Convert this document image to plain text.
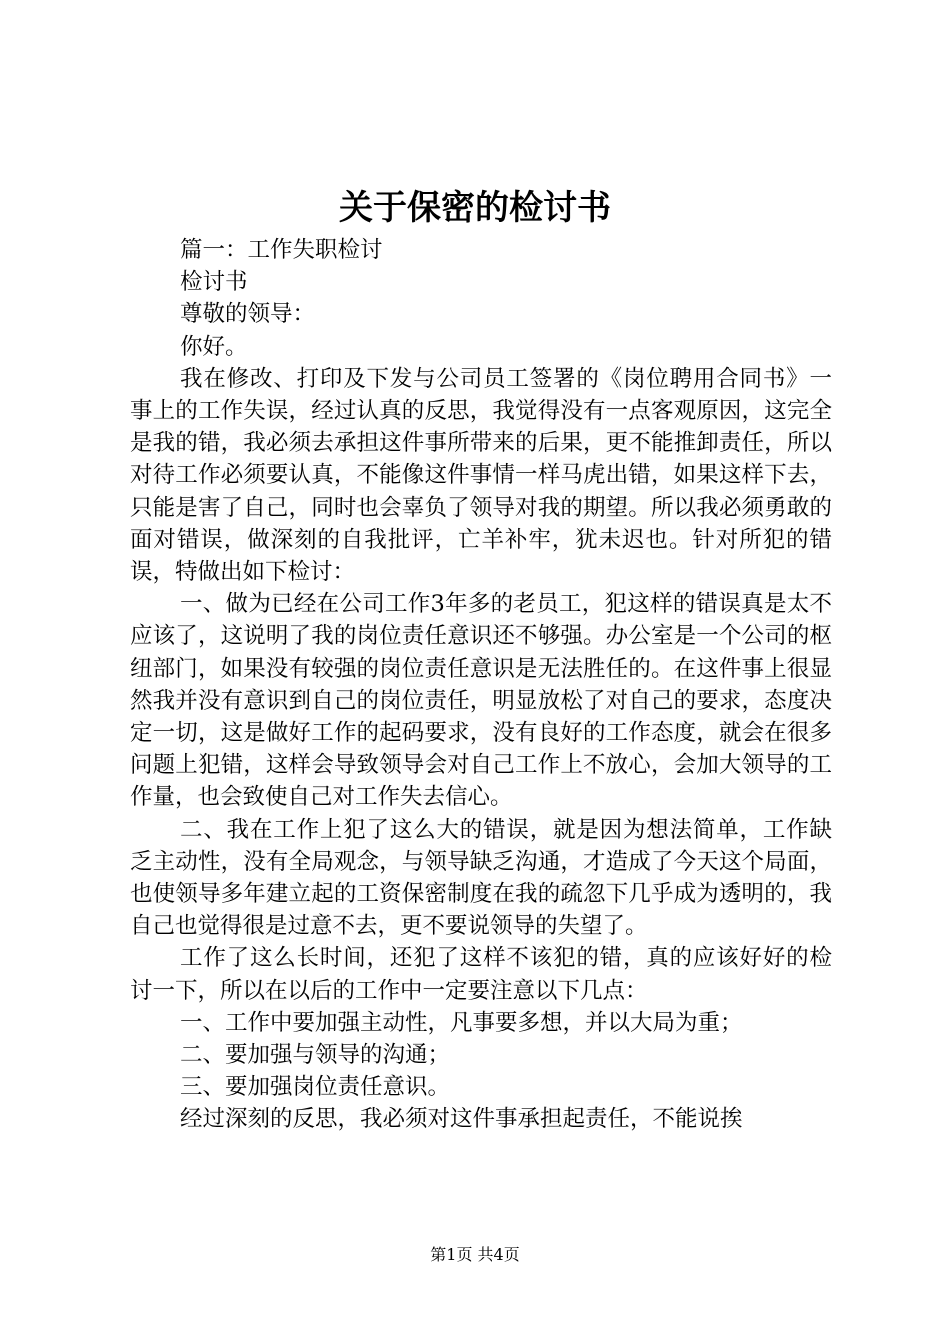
关于保密的检讨书

篇一：工作失职检讨

检讨书

尊敬的领导：

你好。

我在修改、打印及下发与公司员工签署的《岗位聘用合同书》一事上的工作失误，经过认真的反思，我觉得没有一点客观原因，这完全是我的错，我必须去承担这件事所带来的后果，更不能推卸责任，所以对待工作必须要认真，不能像这件事情一样马虎出错，如果这样下去，只能是害了自己，同时也会辜负了领导对我的期望。所以我必须勇敢的面对错误，做深刻的自我批评，亡羊补牢，犹未迟也。针对所犯的错误，特做出如下检讨：

一、做为已经在公司工作3年多的老员工，犯这样的错误真是太不应该了，这说明了我的岗位责任意识还不够强。办公室是一个公司的枢纽部门，如果没有较强的岗位责任意识是无法胜任的。在这件事上很显然我并没有意识到自己的岗位责任，明显放松了对自己的要求，态度决定一切，这是做好工作的起码要求，没有良好的工作态度，就会在很多问题上犯错，这样会导致领导会对自己工作上不放心，会加大领导的工作量，也会致使自己对工作失去信心。

二、我在工作上犯了这么大的错误，就是因为想法简单，工作缺乏主动性，没有全局观念，与领导缺乏沟通，才造成了今天这个局面，也使领导多年建立起的工资保密制度在我的疏忽下几乎成为透明的，我自己也觉得很是过意不去，更不要说领导的失望了。

工作了这么长时间，还犯了这样不该犯的错，真的应该好好的检讨一下，所以在以后的工作中一定要注意以下几点：

一、工作中要加强主动性，凡事要多想，并以大局为重；

二、要加强与领导的沟通；

三、要加强岗位责任意识。

经过深刻的反思，我必须对这件事承担起责任，不能说挨

第1页 共4页
